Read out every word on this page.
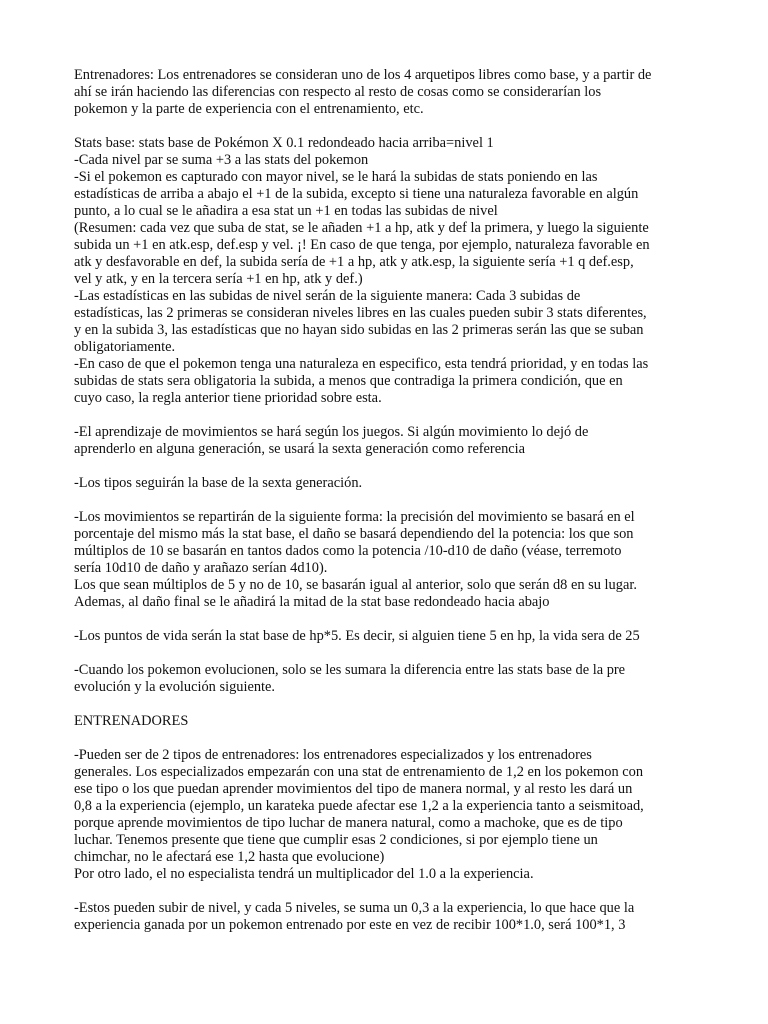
Entrenadores: Los entrenadores se consideran uno de los 4 arquetipos libres como base, y a partir de
ahí se irán haciendo las diferencias con respecto al resto de cosas como se considerarían los
pokemon y la parte de experiencia con el entrenamiento, etc.
Stats base: stats base de Pokémon X 0.1 redondeado hacia arriba=nivel 1
-Cada nivel par se suma +3 a las stats del pokemon
-Si el pokemon es capturado con mayor nivel, se le hará la subidas de stats poniendo en las
estadísticas de arriba a abajo el +1 de la subida, excepto si tiene una naturaleza favorable en algún
punto, a lo cual se le añadira a esa stat un +1 en todas las subidas de nivel
(Resumen: cada vez que suba de stat, se le añaden +1 a hp, atk y def la primera, y luego la siguiente
subida un +1 en atk.esp, def.esp y vel. ¡! En caso de que tenga, por ejemplo, naturaleza favorable en
atk y desfavorable en def, la subida sería de +1 a hp, atk y atk.esp, la siguiente sería +1 q def.esp,
vel y atk, y en la tercera sería +1 en hp, atk y def.)
-Las estadísticas en las subidas de nivel serán de la siguiente manera: Cada 3 subidas de
estadísticas, las 2 primeras se consideran niveles libres en las cuales pueden subir 3 stats diferentes,
y en la subida 3, las estadísticas que no hayan sido subidas en las 2 primeras serán las que se suban
obligatoriamente.
-En caso de que el pokemon tenga una naturaleza en especifico, esta tendrá prioridad, y en todas las
subidas de stats sera obligatoria la subida, a menos que contradiga la primera condición, que en
cuyo caso, la regla anterior tiene prioridad sobre esta.
-El aprendizaje de movimientos se hará según los juegos. Si algún movimiento lo dejó de
aprenderlo en alguna generación, se usará la sexta generación como referencia
-Los tipos seguirán la base de la sexta generación.
-Los movimientos se repartirán de la siguiente forma: la precisión del movimiento se basará en el
porcentaje del mismo más la stat base, el daño se basará dependiendo del la potencia: los que son
múltiplos de 10 se basarán en tantos dados como la potencia /10-d10 de daño (véase, terremoto
sería 10d10 de daño y arañazo serían 4d10).
Los que sean múltiplos de 5 y no de 10, se basarán igual al anterior, solo que serán d8 en su lugar.
Ademas, al daño final se le añadirá la mitad de la stat base redondeado hacia abajo
-Los puntos de vida serán la stat base de hp*5. Es decir, si alguien tiene 5 en hp, la vida sera de 25
-Cuando los pokemon evolucionen, solo se les sumara la diferencia entre las stats base de la pre
evolución y la evolución siguiente.
ENTRENADORES
-Pueden ser de 2 tipos de entrenadores: los entrenadores especializados y los entrenadores
generales. Los especializados empezarán con una stat de entrenamiento de 1,2 en los pokemon con
ese tipo o los que puedan aprender movimientos del tipo de manera normal, y al resto les dará un
0,8 a la experiencia (ejemplo, un karateka puede afectar ese 1,2 a la experiencia tanto a seismitoad,
porque aprende movimientos de tipo luchar de manera natural, como a machoke, que es de tipo
luchar. Tenemos presente que tiene que cumplir esas 2 condiciones, si por ejemplo tiene un
chimchar, no le afectará ese 1,2 hasta que evolucione)
Por otro lado, el no especialista tendrá un multiplicador del 1.0 a la experiencia.
-Estos pueden subir de nivel, y cada 5 niveles, se suma un 0,3 a la experiencia, lo que hace que la
experiencia ganada por un pokemon entrenado por este en vez de recibir 100*1.0, será 100*1, 3
